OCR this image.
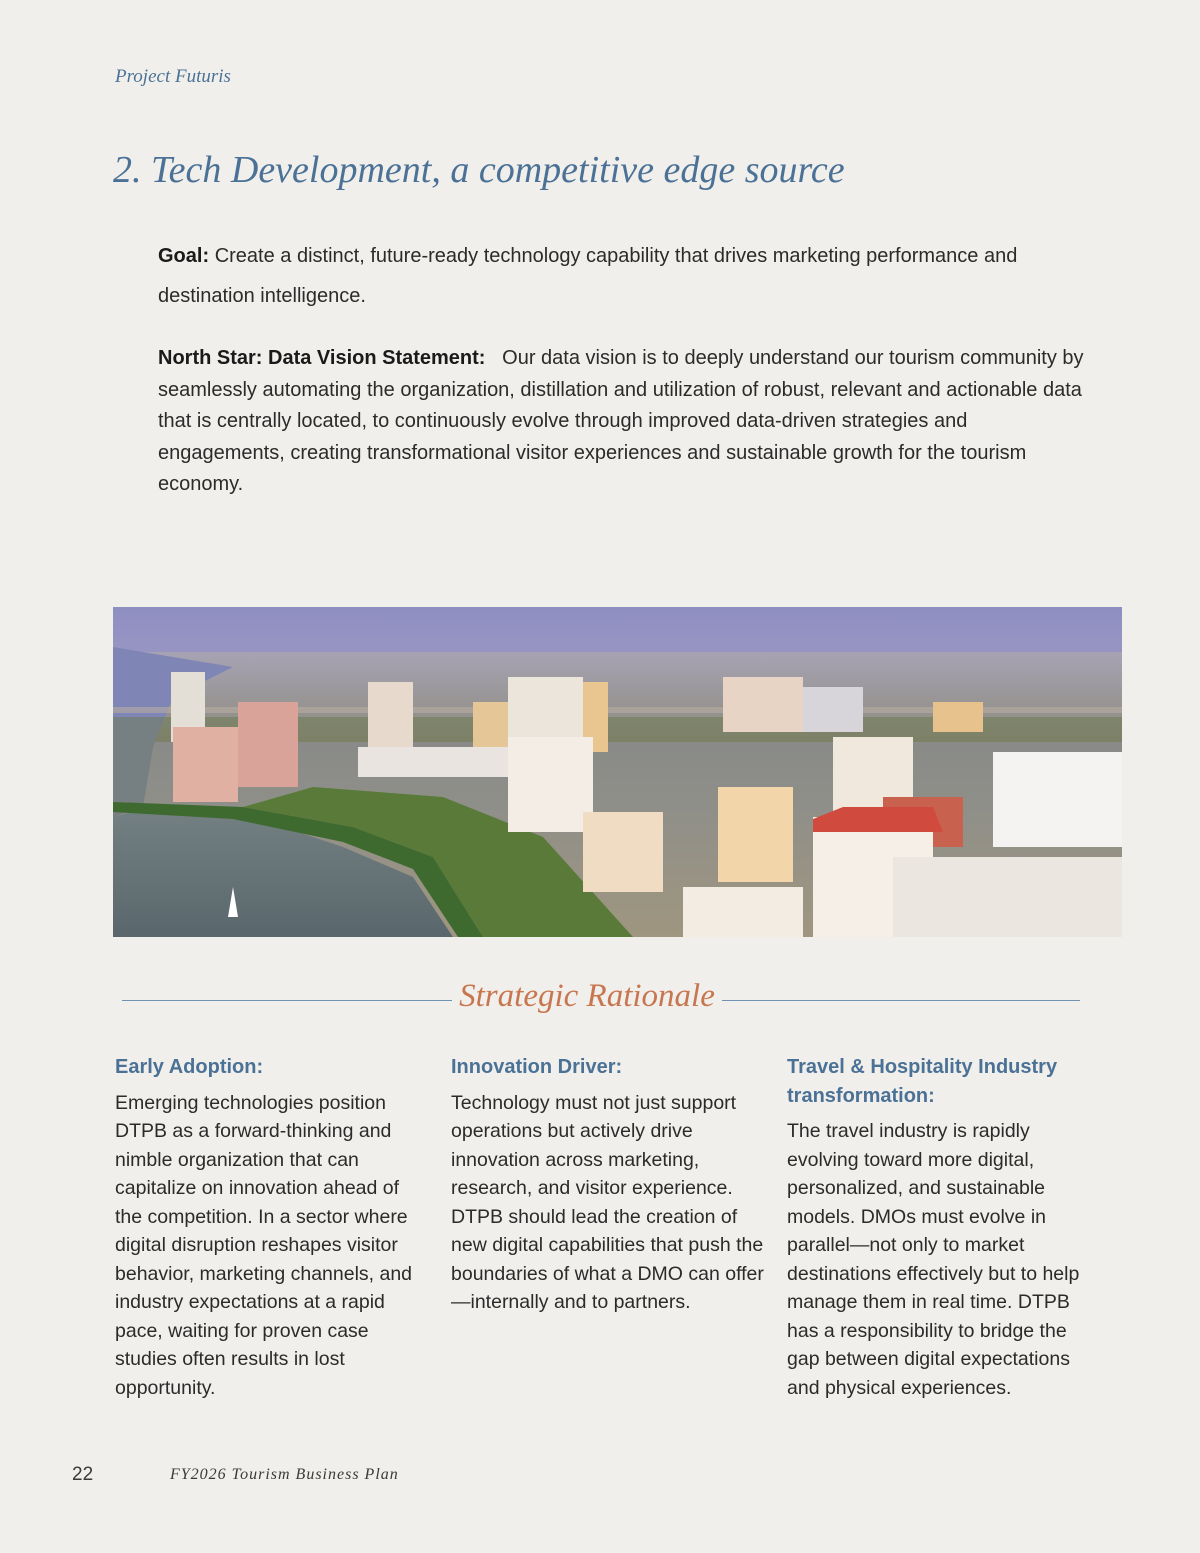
Project Futuris
2. Tech Development, a competitive edge source

Goal: Create a distinct, future-ready technology capability that drives marketing performance and destination intelligence.

North Star: Data Vision Statement: Our data vision is to deeply understand our tourism community by seamlessly automating the organization, distillation and utilization of robust, relevant and actionable data that is centrally located, to continuously evolve through improved data-driven strategies and engagements, creating transformational visitor experiences and sustainable growth for the tourism economy.

Strategic Rationale
Early Adoption:

Emerging technologies position DTPB as a forward-thinking and nimble organization that can capitalize on innovation ahead of the competition. In a sector where digital disruption reshapes visitor behavior, marketing channels, and industry expectations at a rapid pace, waiting for proven case studies often results in lost opportunity.

Innovation Driver:

Technology must not just support operations but actively drive innovation across marketing, research, and visitor experience. DTPB should lead the creation of new digital capabilities that push the boundaries of what a DMO can offer—internally and to partners.

Travel & Hospitality Industry transformation:

The travel industry is rapidly evolving toward more digital, personalized, and sustainable models. DMOs must evolve in parallel—not only to market destinations effectively but to help manage them in real time. DTPB has a responsibility to bridge the gap between digital expectations and physical experiences.

22	FY2026 Tourism Business Plan
